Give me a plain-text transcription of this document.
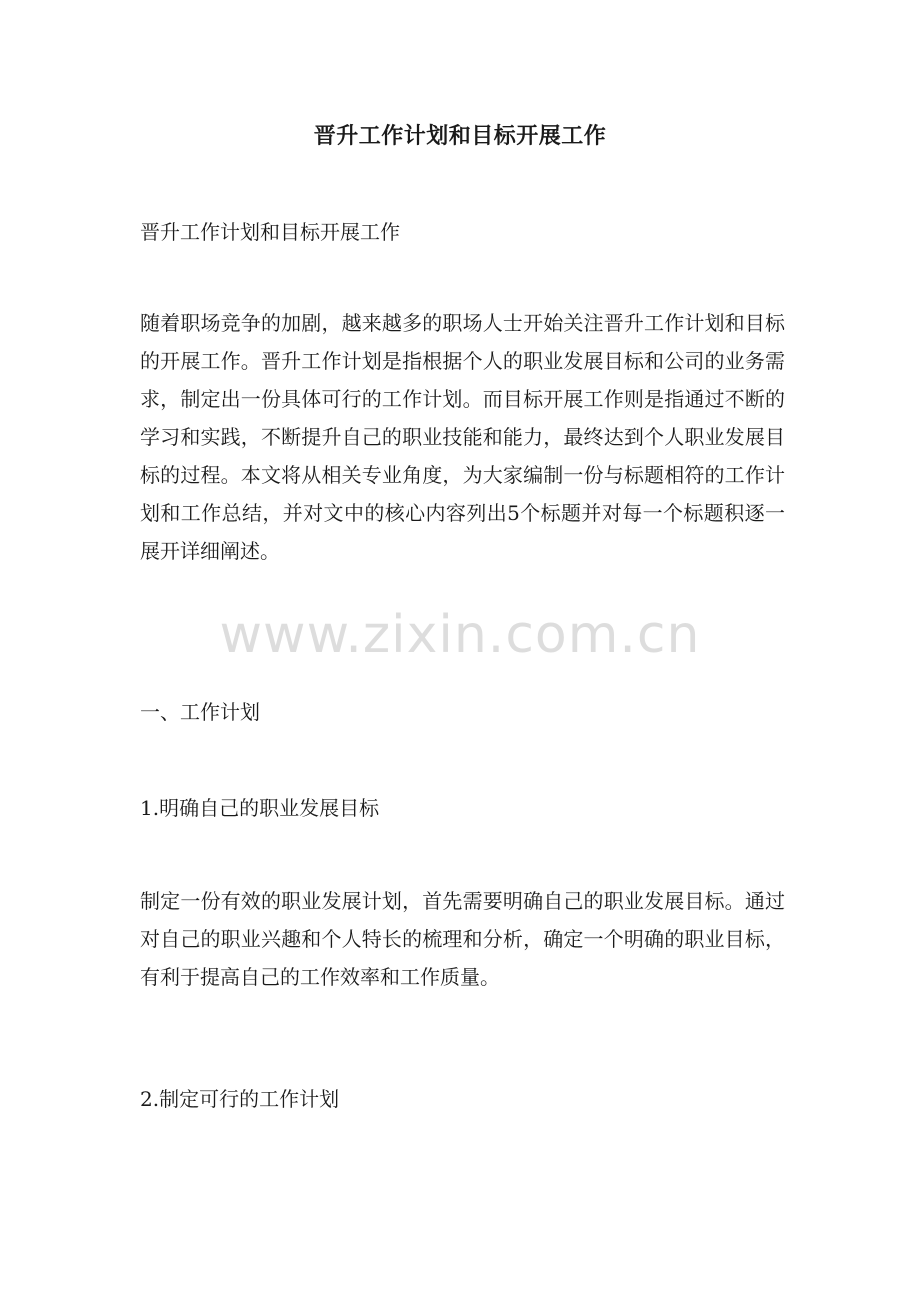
晋升工作计划和目标开展工作
晋升工作计划和目标开展工作
随着职场竞争的加剧，越来越多的职场人士开始关注晋升工作计划和目标的开展工作。晋升工作计划是指根据个人的职业发展目标和公司的业务需求，制定出一份具体可行的工作计划。而目标开展工作则是指通过不断的学习和实践，不断提升自己的职业技能和能力，最终达到个人职业发展目标的过程。本文将从相关专业角度，为大家编制一份与标题相符的工作计划和工作总结，并对文中的核心内容列出5个标题并对每一个标题积逐一展开详细阐述。
一、工作计划
1.明确自己的职业发展目标
制定一份有效的职业发展计划，首先需要明确自己的职业发展目标。通过对自己的职业兴趣和个人特长的梳理和分析，确定一个明确的职业目标，有利于提高自己的工作效率和工作质量。
2.制定可行的工作计划
www.zixin.com.cn
